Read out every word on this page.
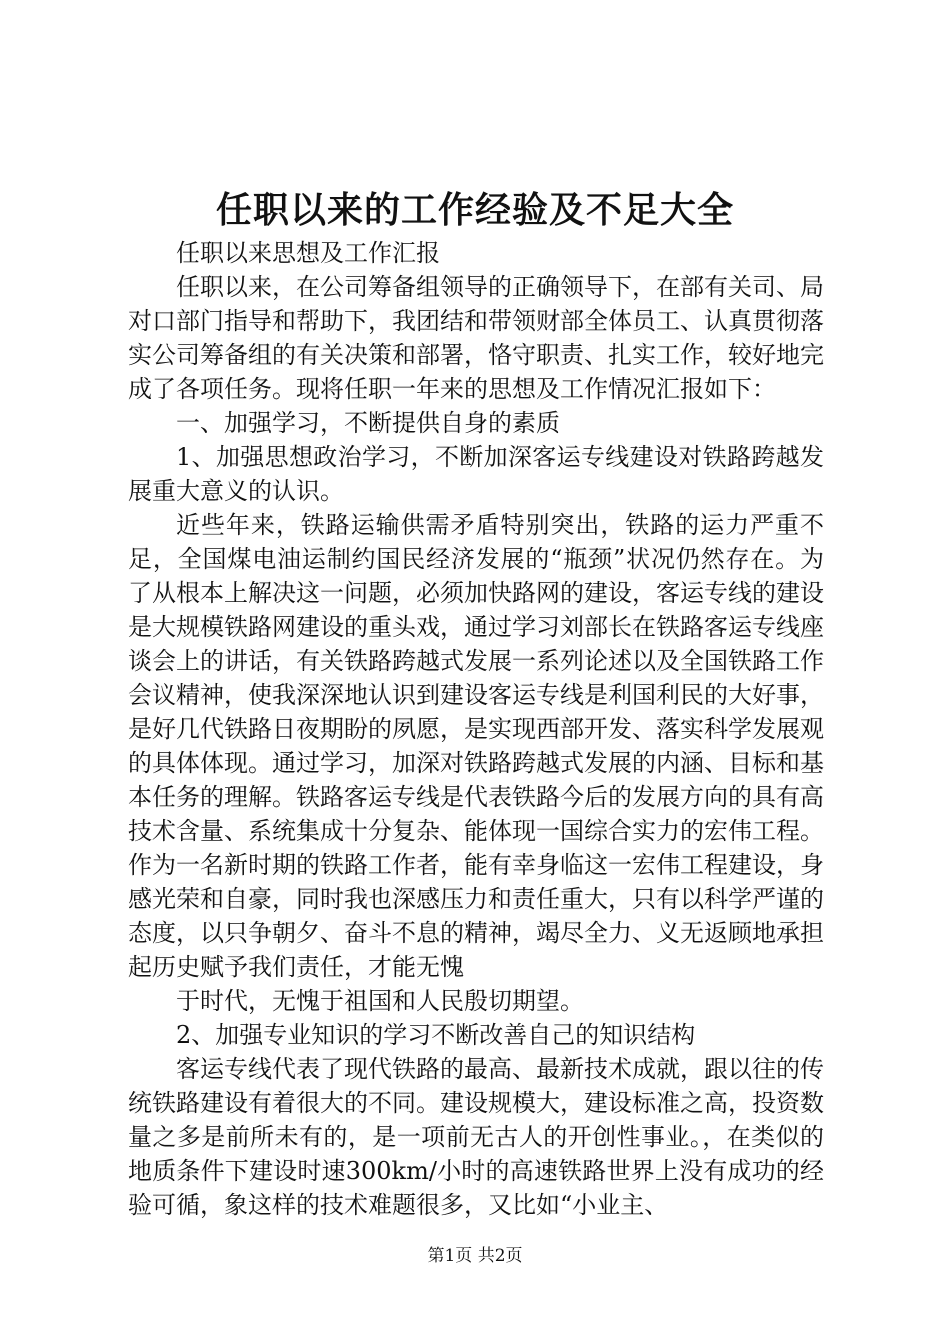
任职以来的工作经验及不足大全

任职以来思想及工作汇报

任职以来，在公司筹备组领导的正确领导下，在部有关司、局对口部门指导和帮助下，我团结和带领财部全体员工、认真贯彻落实公司筹备组的有关决策和部署，恪守职责、扎实工作，较好地完成了各项任务。现将任职一年来的思想及工作情况汇报如下：

一、加强学习，不断提供自身的素质

1、加强思想政治学习，不断加深客运专线建设对铁路跨越发展重大意义的认识。

近些年来，铁路运输供需矛盾特别突出，铁路的运力严重不足，全国煤电油运制约国民经济发展的“瓶颈”状况仍然存在。为了从根本上解决这一问题，必须加快路网的建设，客运专线的建设是大规模铁路网建设的重头戏，通过学习刘部长在铁路客运专线座谈会上的讲话，有关铁路跨越式发展一系列论述以及全国铁路工作会议精神，使我深深地认识到建设客运专线是利国利民的大好事，是好几代铁路日夜期盼的夙愿，是实现西部开发、落实科学发展观的具体体现。通过学习，加深对铁路跨越式发展的内涵、目标和基本任务的理解。铁路客运专线是代表铁路今后的发展方向的具有高技术含量、系统集成十分复杂、能体现一国综合实力的宏伟工程。作为一名新时期的铁路工作者，能有幸身临这一宏伟工程建设，身感光荣和自豪，同时我也深感压力和责任重大，只有以科学严谨的态度，以只争朝夕、奋斗不息的精神，竭尽全力、义无返顾地承担起历史赋予我们责任，才能无愧

于时代，无愧于祖国和人民殷切期望。

2、加强专业知识的学习不断改善自己的知识结构

客运专线代表了现代铁路的最高、最新技术成就，跟以往的传统铁路建设有着很大的不同。建设规模大，建设标准之高，投资数量之多是前所未有的，是一项前无古人的开创性事业。，在类似的地质条件下建设时速300km/小时的高速铁路世界上没有成功的经验可循，象这样的技术难题很多，又比如“小业主、

第1页 共2页
